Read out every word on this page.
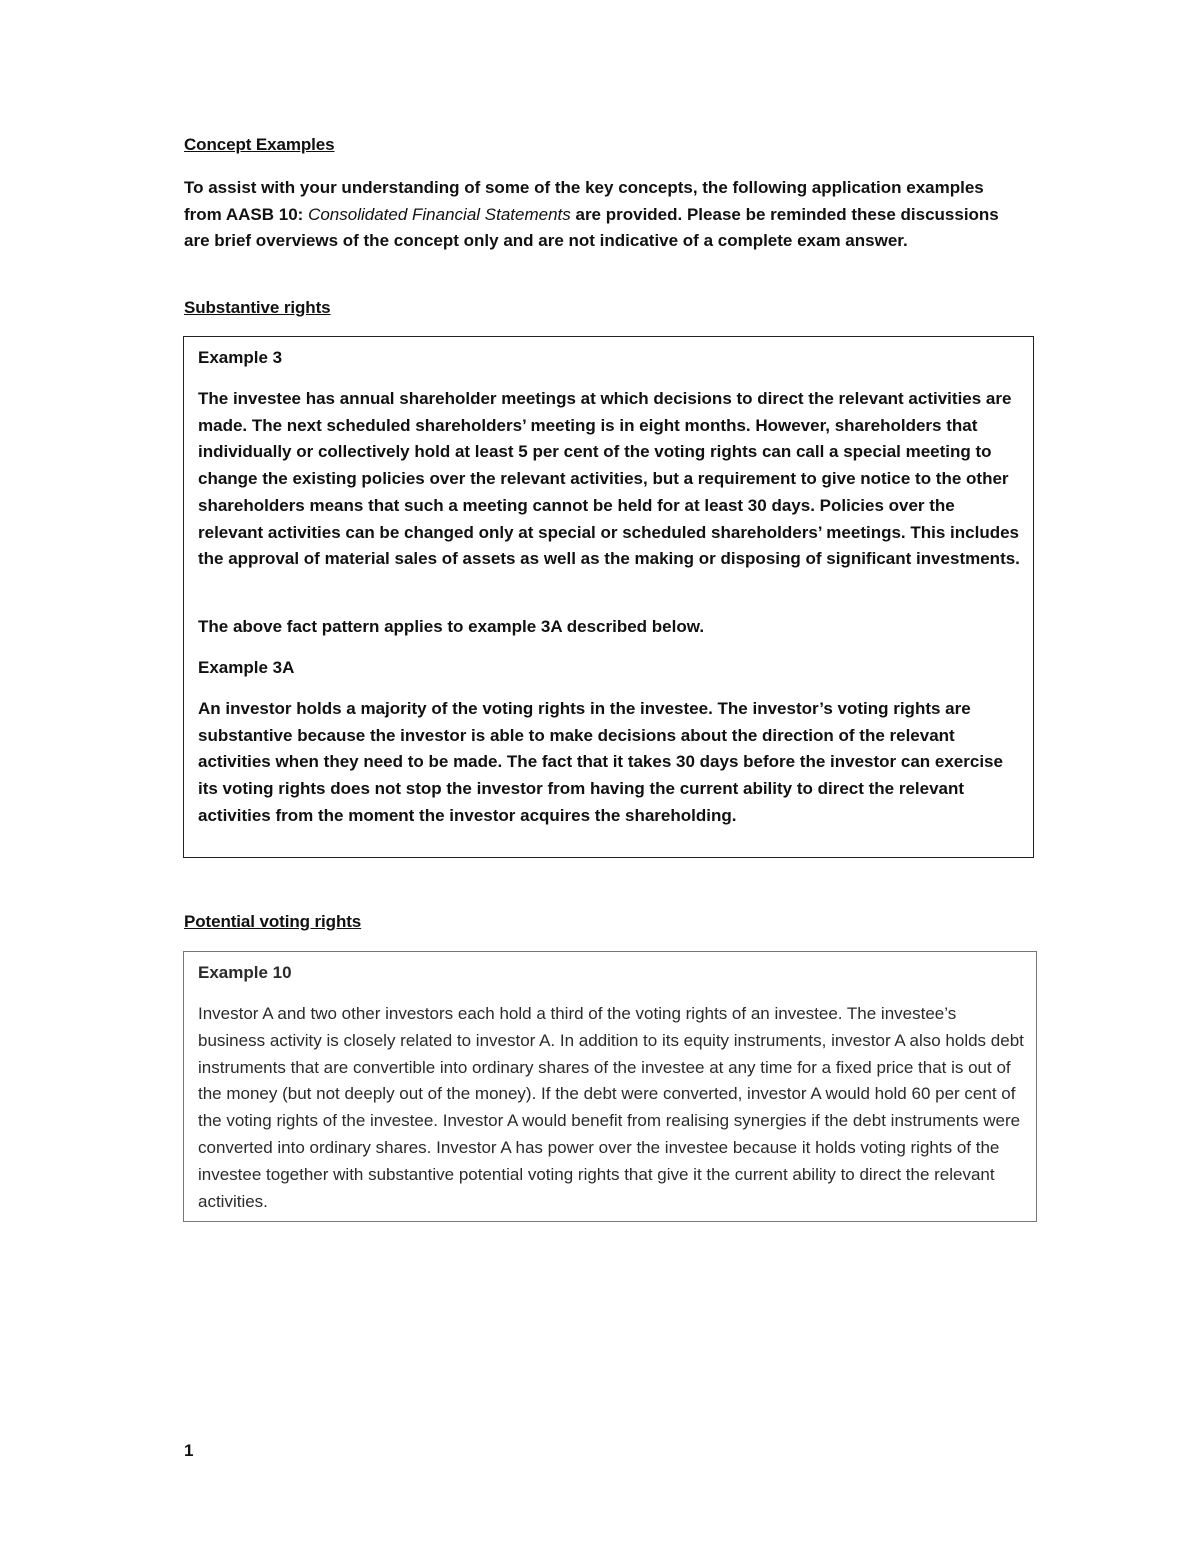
Concept Examples

To assist with your understanding of some of the key concepts, the following application examples from AASB 10: Consolidated Financial Statements are provided. Please be reminded these discussions are brief overviews of the concept only and are not indicative of a complete exam answer.

Substantive rights

Example 3

The investee has annual shareholder meetings at which decisions to direct the relevant activities are made. The next scheduled shareholders’ meeting is in eight months. However, shareholders that individually or collectively hold at least 5 per cent of the voting rights can call a special meeting to change the existing policies over the relevant activities, but a requirement to give notice to the other shareholders means that such a meeting cannot be held for at least 30 days. Policies over the relevant activities can be changed only at special or scheduled shareholders’ meetings. This includes the approval of material sales of assets as well as the making or disposing of significant investments.

The above fact pattern applies to example 3A described below.

Example 3A

An investor holds a majority of the voting rights in the investee. The investor’s voting rights are substantive because the investor is able to make decisions about the direction of the relevant activities when they need to be made. The fact that it takes 30 days before the investor can exercise its voting rights does not stop the investor from having the current ability to direct the relevant activities from the moment the investor acquires the shareholding.

Potential voting rights

Example 10

Investor A and two other investors each hold a third of the voting rights of an investee. The investee’s business activity is closely related to investor A. In addition to its equity instruments, investor A also holds debt instruments that are convertible into ordinary shares of the investee at any time for a fixed price that is out of the money (but not deeply out of the money). If the debt were converted, investor A would hold 60 per cent of the voting rights of the investee. Investor A would benefit from realising synergies if the debt instruments were converted into ordinary shares. Investor A has power over the investee because it holds voting rights of the investee together with substantive potential voting rights that give it the current ability to direct the relevant activities.

1
